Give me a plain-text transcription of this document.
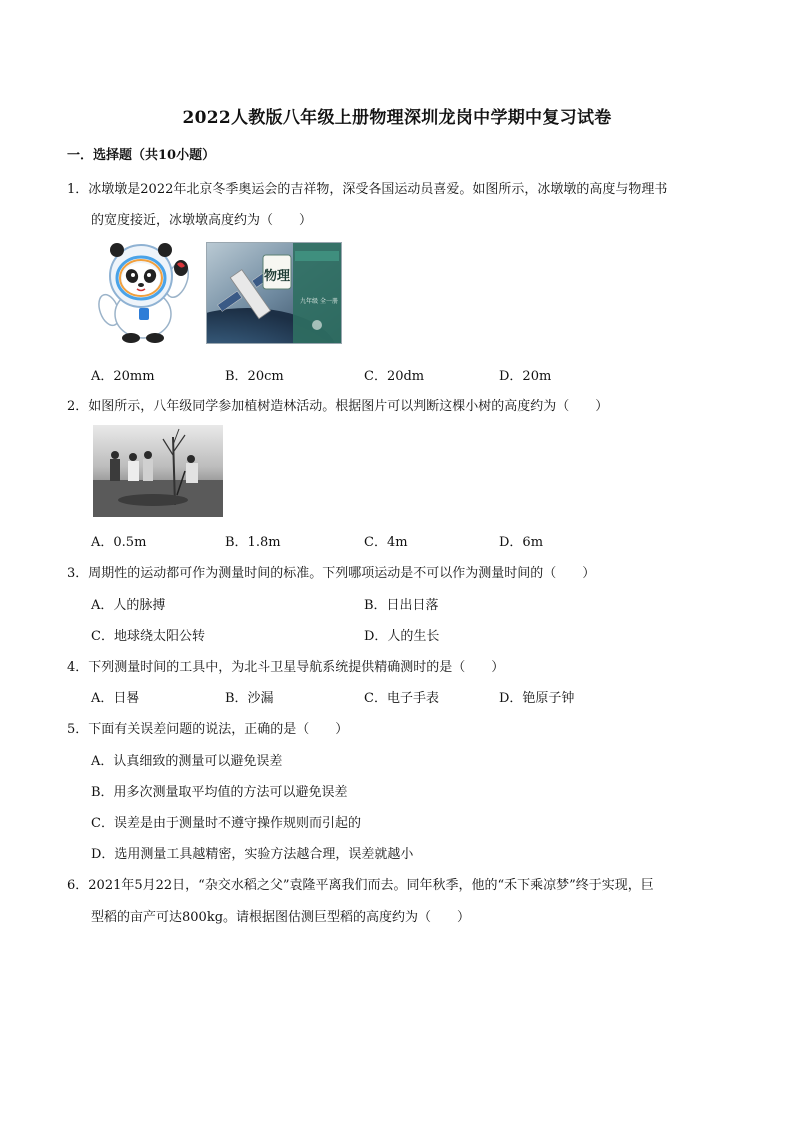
2022人教版八年级上册物理深圳龙岗中学期中复习试卷
一．选择题（共10小题）
1．冰墩墩是2022年北京冬季奥运会的吉祥物，深受各国运动员喜爱。如图所示，冰墩墩的高度与物理书
的宽度接近，冰墩墩高度约为（　　）
物理
九年级 全一册
A．20mm	B．20cm	C．20dm	D．20m
2．如图所示，八年级同学参加植树造林活动。根据图片可以判断这棵小树的高度约为（　　）
A．0.5m	B．1.8m	C．4m	D．6m
3．周期性的运动都可作为测量时间的标准。下列哪项运动是不可以作为测量时间的（　　）
A．人的脉搏	B．日出日落
C．地球绕太阳公转	D．人的生长
4．下列测量时间的工具中，为北斗卫星导航系统提供精确测时的是（　　）
A．日晷	B．沙漏	C．电子手表	D．铯原子钟
5．下面有关误差问题的说法，正确的是（　　）
A．认真细致的测量可以避免误差
B．用多次测量取平均值的方法可以避免误差
C．误差是由于测量时不遵守操作规则而引起的
D．选用测量工具越精密，实验方法越合理，误差就越小
6．2021年5月22日，“杂交水稻之父”袁隆平离我们而去。同年秋季，他的“禾下乘凉梦”终于实现，巨
型稻的亩产可达800kg。请根据图估测巨型稻的高度约为（　　）
